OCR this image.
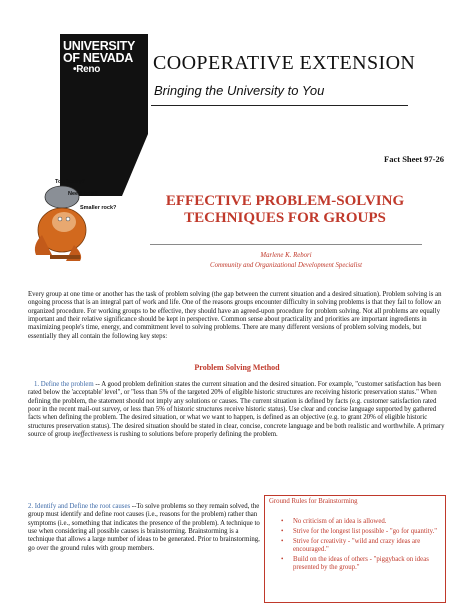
UNIVERSITY
OF NEVADA
•Reno	COOPERATIVE EXTENSION
Bringing the University to You
Fact Sheet 97-26
Too heavy?
Need help?
Smaller rock?	EFFECTIVE PROBLEM-SOLVING
TECHNIQUES FOR GROUPS
Marlene K. Rebori
Community and Organizational Development Specialist
Every group at one time or another has the task of problem solving (the gap between the current situation and a desired situation). Problem solving is an ongoing process that is an integral part of work and life. One of the reasons groups encounter difficulty in solving problems is that they fail to follow an organized procedure. For working groups to be effective, they should have an agreed-upon procedure for problem solving. Not all problems are equally important and their relative significance should be kept in perspective. Common sense about practicality and priorities are important ingredients in maximizing people's time, energy, and commitment level to solving problems. There are many different versions of problem solving models, but essentially they all contain the following key steps:
Problem Solving Method
1. Define the problem -- A good problem definition states the current situation and the desired situation. For example, "customer satisfaction has been rated below the 'acceptable' level", or "less than 5% of the targeted 20% of eligible historic structures are receiving historic preservation status." When defining the problem, the statement should not imply any solutions or causes. The current situation is defined by facts (e.g. customer satisfaction rated poor in the recent mail-out survey, or less than 5% of historic structures receive historic status). Use clear and concise language supported by gathered facts when defining the problem. The desired situation, or what we want to happen, is defined as an objective (e.g. to grant 20% of eligible historic structures preservation status). The desired situation should be stated in clear, concise, concrete language and be both realistic and worthwhile. A primary source of group ineffectiveness is rushing to solutions before properly defining the problem.
2. Identify and Define the root causes --To solve problems so they remain solved, the group must identify and define root causes (i.e., reasons for the problem) rather than symptoms (i.e., something that indicates the presence of the problem). A technique to use when considering all possible causes is brainstorming. Brainstorming is a technique that allows a large number of ideas to be generated. Prior to brainstorming, go over the ground rules with group members.
Ground Rules for Brainstorming
• No criticism of an idea is allowed.
• Strive for the longest list possible - "go for quantity."
• Strive for creativity - "wild and crazy ideas are encouraged."
• Build on the ideas of others - "piggyback on ideas presented by the group."
